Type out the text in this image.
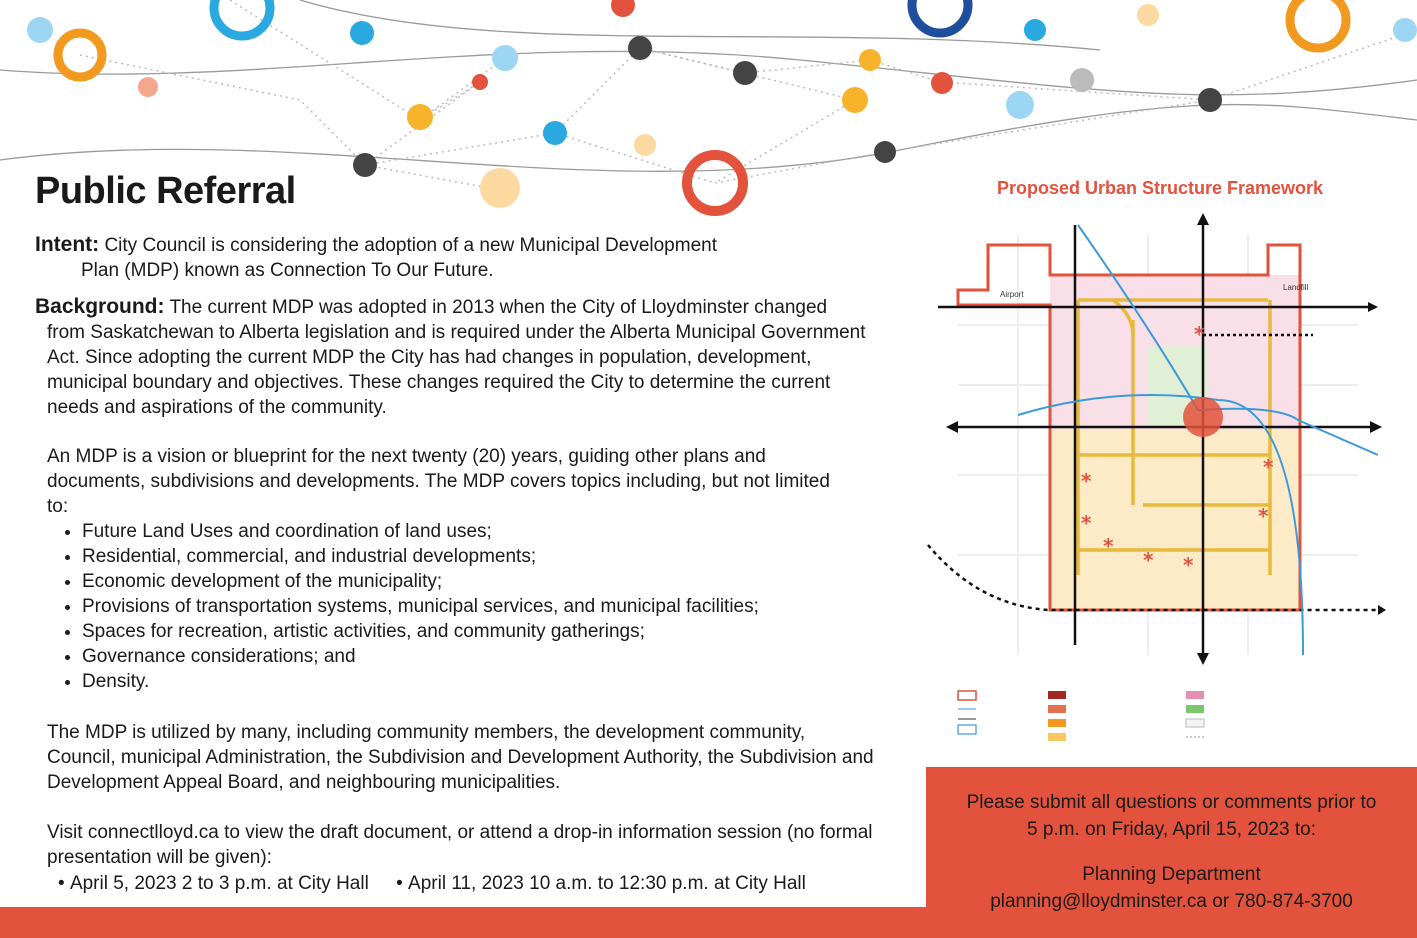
Public Referral

Intent: City Council is considering the adoption of a new Municipal Development
Plan (MDP) known as Connection To Our Future.

Background: The current MDP was adopted in 2013 when the City of Lloydminster changed
from Saskatchewan to Alberta legislation and is required under the Alberta Municipal Government Act. Since adopting the current MDP the City has had changes in population, development, municipal boundary and objectives. These changes required the City to determine the current needs and aspirations of the community.

An MDP is a vision or blueprint for the next twenty (20) years, guiding other plans and documents, subdivisions and developments. The MDP covers topics including, but not limited to:

• Future Land Uses and coordination of land uses;
• Residential, commercial, and industrial developments;
• Economic development of the municipality;
• Provisions of transportation systems, municipal services, and municipal facilities;
• Spaces for recreation, artistic activities, and community gatherings;
• Governance considerations; and
• Density.

The MDP is utilized by many, including community members, the development community, Council, municipal Administration, the Subdivision and Development Authority, the Subdivision and Development Appeal Board, and neighbouring municipalities.

Visit connectlloyd.ca to view the draft document, or attend a drop-in information session (no formal presentation will be given):

• April 5, 2023 2 to 3 p.m. at City Hall • April 11, 2023 10 a.m. to 12:30 p.m. at City Hall
Proposed Urban Structure Framework
*
*
*
* *
*
*
*
Airport
Landfill
Please submit all questions or comments prior to
5 p.m. on Friday, April 15, 2023 to:
Planning Department
planning@lloydminster.ca or 780-874-3700
